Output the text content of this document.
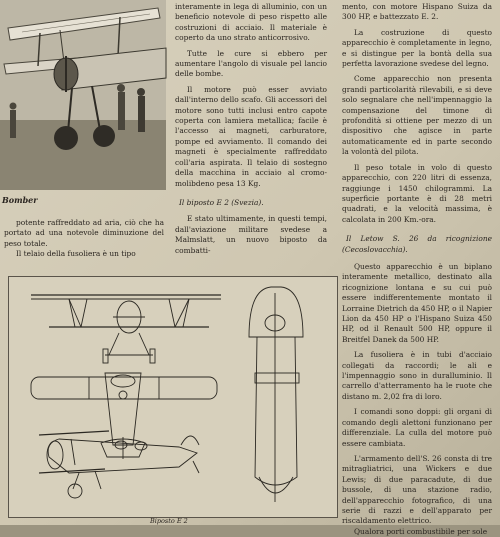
Bomber

interamente in lega di alluminio, con un beneficio notevole di peso rispetto alle costruzioni di acciaio. Il materiale è coperto da uno strato anticorrosivo.

Tutte le cure si ebbero per aumentare l'angolo di visuale pel lancio delle bombe.

Il motore può esser avviato dall'interno dello scafo. Gli accessori del motore sono tutti inclusi entro capote coperta con lamiera metallica; facile è l'accesso ai magneti, carburatore, pompe ed avviamento. Il comando dei magneti è specialmente raffreddato coll'aria aspirata. Il telaio di sostegno della macchina in acciaio al cromo-molibdeno pesa 13 Kg.

Il biposto E 2 (Svezia).

E stato ultimamente, in questi tempi, dall'aviazione militare svedese a Malmslatt, un nuovo biposto da combatti-

mento, con motore Hispano Suiza da 300 HP, e battezzato E. 2.

La costruzione di questo apparecchio è completamente in legno, e si distingue per la bontà della sua perfetta lavorazione svedese del legno.

Come apparecchio non presenta grandi particolarità rilevabili, e si deve solo segnalare che nell'impennaggio la compensazione del timone di profondità si ottiene per mezzo di un dispositivo che agisce in parte automaticamente ed in parte secondo la volontà del pilota.

Il peso totale in volo di questo apparecchio, con 220 litri di essenza, raggiunge i 1450 chilogrammi. La superficie portante è di 28 metri quadrati, e la velocità massima, è calcolata in 200 Km.-ora.

Il Letow S. 26 da ricognizione (Cecoslovacchia).

potente raffreddato ad aria, ciò che ha portato ad una notevole diminuzione del peso totale.

Il telaio della fusoliera è un tipo

Questo apparecchio è un biplano interamente metallico, destinato alla ricognizione lontana e su cui può essere indifferentemente montato il Lorraine Dietrich da 450 HP, o il Napier Lion da 450 HP o l'Hispano Suiza 450 HP, od il Renault 500 HP, oppure il Breitfel Danek da 500 HP.

La fusoliera è in tubi d'acciaio collegati da raccordi; le ali e l'impennaggio sono in duralluminio. Il carrello d'atterramento ha le ruote che distano m. 2,02 fra di loro.

I comandi sono doppi: gli organi di comando degli alettoni funzionano per differenziale. La culla del motore può essere cambiata.

L'armamento dell'S. 26 consta di tre mitragliatrici, una Wickers e due Lewis; di due paracadute, di due bussole, di una stazione radio, dell'apparecchio fotografico, di una serie di razzi e dell'apparato per riscaldamento elettrico.

Qualora porti combustibile per sole

Biposto E 2
